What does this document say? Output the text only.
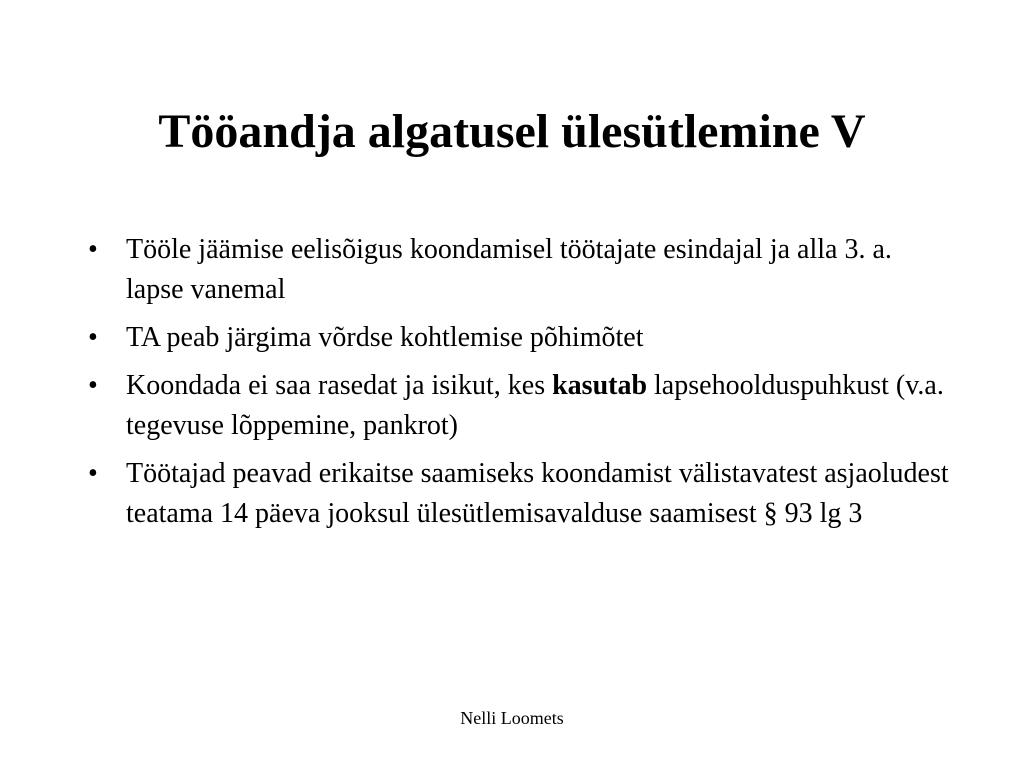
Tööandja algatusel ülesütlemine V
•	Tööle jäämise eelisõigus koondamisel töötajate esindajal ja alla 3. a. lapse vanemal
•	TA peab järgima võrdse kohtlemise põhimõtet
•	Koondada ei saa rasedat ja isikut, kes kasutab lapsehoolduspuhkust (v.a. tegevuse lõppemine, pankrot)
•	Töötajad peavad erikaitse saamiseks koondamist välistavatest asjaoludest teatama 14 päeva jooksul ülesütlemisavalduse saamisest § 93 lg 3
Nelli Loomets
